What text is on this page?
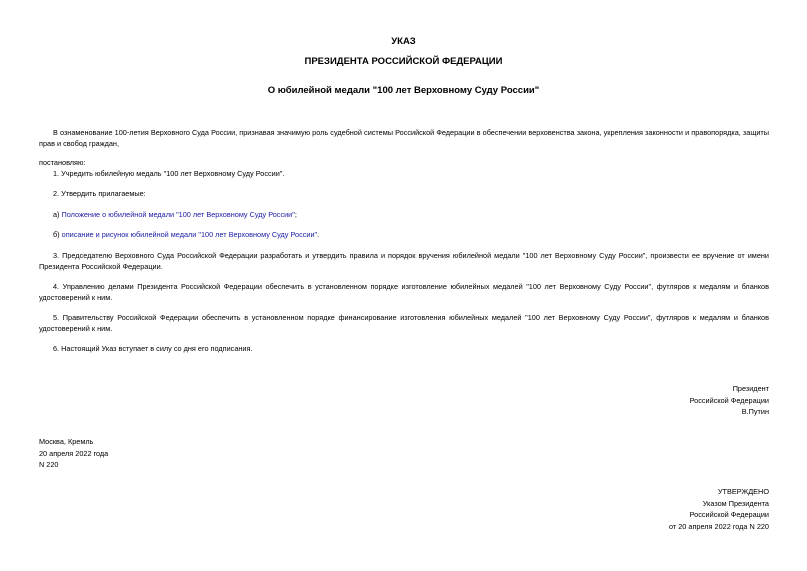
УКАЗ
ПРЕЗИДЕНТА РОССИЙСКОЙ ФЕДЕРАЦИИ
О юбилейной медали "100 лет Верховному Суду России"
В ознаменование 100-летия Верховного Суда России, признавая значимую роль судебной системы Российской Федерации в обеспечении верховенства закона, укрепления законности и правопорядка, защиты прав и свобод граждан,
постановляю:
1. Учредить юбилейную медаль "100 лет Верховному Суду России".
2. Утвердить прилагаемые:
а) Положение о юбилейной медали "100 лет Верховному Суду России";
б) описание и рисунок юбилейной медали "100 лет Верховному Суду России".
3. Председателю Верховного Суда Российской Федерации разработать и утвердить правила и порядок вручения юбилейной медали "100 лет Верховному Суду России", произвести ее вручение от имени Президента Российской Федерации.
4. Управлению делами Президента Российской Федерации обеспечить в установленном порядке изготовление юбилейных медалей "100 лет Верховному Суду России", футляров к медалям и бланков удостоверений к ним.
5. Правительству Российской Федерации обеспечить в установленном порядке финансирование изготовления юбилейных медалей "100 лет Верховному Суду России", футляров к медалям и бланков удостоверений к ним.
6. Настоящий Указ вступает в силу со дня его подписания.
Президент
Российской Федерации
В.Путин
Москва, Кремль
20 апреля 2022 года
N 220
УТВЕРЖДЕНО
Указом Президента
Российской Федерации
от 20 апреля 2022 года N 220
